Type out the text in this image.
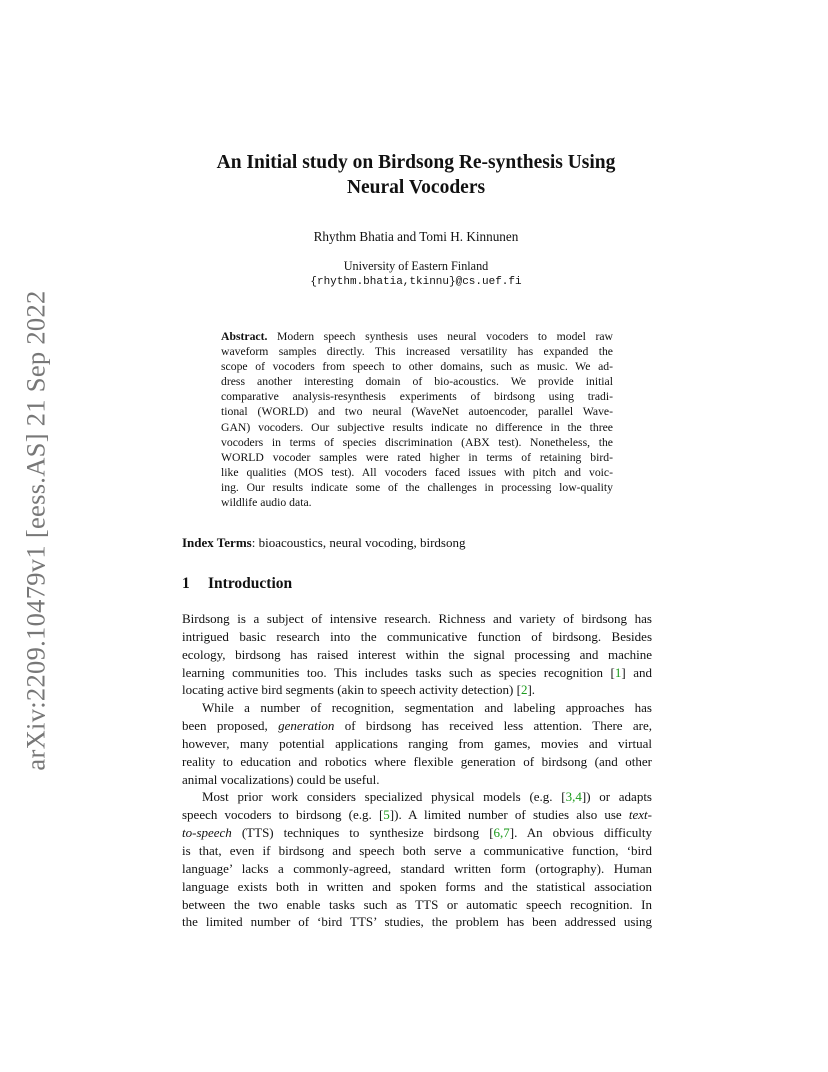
arXiv:2209.10479v1 [eess.AS] 21 Sep 2022
An Initial study on Birdsong Re-synthesis Using
Neural Vocoders
Rhythm Bhatia and Tomi H. Kinnunen
University of Eastern Finland
{rhythm.bhatia,tkinnu}@cs.uef.fi
Abstract. Modern speech synthesis uses neural vocoders to model raw
waveform samples directly. This increased versatility has expanded the
scope of vocoders from speech to other domains, such as music. We ad-
dress another interesting domain of bio-acoustics. We provide initial
comparative analysis-resynthesis experiments of birdsong using tradi-
tional (WORLD) and two neural (WaveNet autoencoder, parallel Wave-
GAN) vocoders. Our subjective results indicate no difference in the three
vocoders in terms of species discrimination (ABX test). Nonetheless, the
WORLD vocoder samples were rated higher in terms of retaining bird-
like qualities (MOS test). All vocoders faced issues with pitch and voic-
ing. Our results indicate some of the challenges in processing low-quality
wildlife audio data.
Index Terms: bioacoustics, neural vocoding, birdsong
1 Introduction
Birdsong is a subject of intensive research. Richness and variety of birdsong has
intrigued basic research into the communicative function of birdsong. Besides
ecology, birdsong has raised interest within the signal processing and machine
learning communities too. This includes tasks such as species recognition [1] and
locating active bird segments (akin to speech activity detection) [2].
While a number of recognition, segmentation and labeling approaches has
been proposed, generation of birdsong has received less attention. There are,
however, many potential applications ranging from games, movies and virtual
reality to education and robotics where flexible generation of birdsong (and other
animal vocalizations) could be useful.
Most prior work considers specialized physical models (e.g. [3,4]) or adapts
speech vocoders to birdsong (e.g. [5]). A limited number of studies also use text-
to-speech (TTS) techniques to synthesize birdsong [6,7]. An obvious difficulty
is that, even if birdsong and speech both serve a communicative function, ‘bird
language’ lacks a commonly-agreed, standard written form (ortography). Human
language exists both in written and spoken forms and the statistical association
between the two enable tasks such as TTS or automatic speech recognition. In
the limited number of ‘bird TTS’ studies, the problem has been addressed using
